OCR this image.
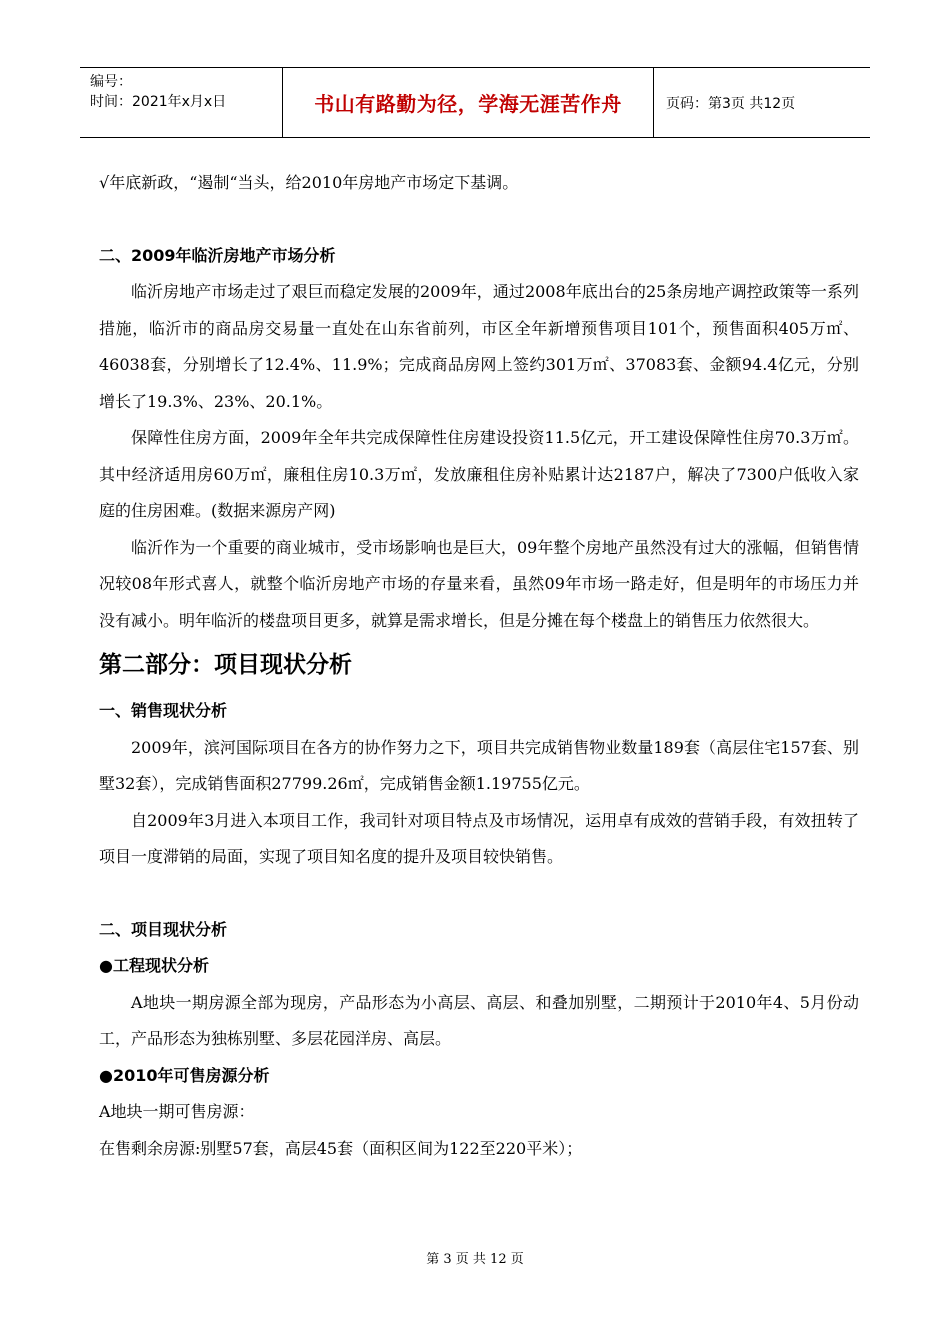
编号：
时间：2021年x月x日	书山有路勤为径，学海无涯苦作舟	页码：第3页 共12页

√年底新政，“遏制“当头，给2010年房地产市场定下基调。

二、2009年临沂房地产市场分析

临沂房地产市场走过了艰巨而稳定发展的2009年，通过2008年底出台的25条房地产调控政策等一系列措施，临沂市的商品房交易量一直处在山东省前列，市区全年新增预售项目101个，预售面积405万㎡、46038套，分别增长了12.4%、11.9%；完成商品房网上签约301万㎡、37083套、金额94.4亿元，分别增长了19.3%、23%、20.1%。

保障性住房方面，2009年全年共完成保障性住房建设投资11.5亿元，开工建设保障性住房70.3万㎡。其中经济适用房60万㎡，廉租住房10.3万㎡，发放廉租住房补贴累计达2187户，解决了7300户低收入家庭的住房困难。(数据来源房产网)

临沂作为一个重要的商业城市，受市场影响也是巨大，09年整个房地产虽然没有过大的涨幅，但销售情况较08年形式喜人，就整个临沂房地产市场的存量来看，虽然09年市场一路走好，但是明年的市场压力并没有减小。明年临沂的楼盘项目更多，就算是需求增长，但是分摊在每个楼盘上的销售压力依然很大。

第二部分：项目现状分析

一、销售现状分析

2009年，滨河国际项目在各方的协作努力之下，项目共完成销售物业数量189套（高层住宅157套、别墅32套），完成销售面积27799.26㎡，完成销售金额1.19755亿元。

自2009年3月进入本项目工作，我司针对项目特点及市场情况，运用卓有成效的营销手段，有效扭转了项目一度滞销的局面，实现了项目知名度的提升及项目较快销售。

二、项目现状分析

●工程现状分析

A地块一期房源全部为现房，产品形态为小高层、高层、和叠加别墅，二期预计于2010年4、5月份动工，产品形态为独栋别墅、多层花园洋房、高层。

●2010年可售房源分析

A地块一期可售房源：

在售剩余房源:别墅57套，高层45套（面积区间为122至220平米）；

第 3 页 共 12 页
